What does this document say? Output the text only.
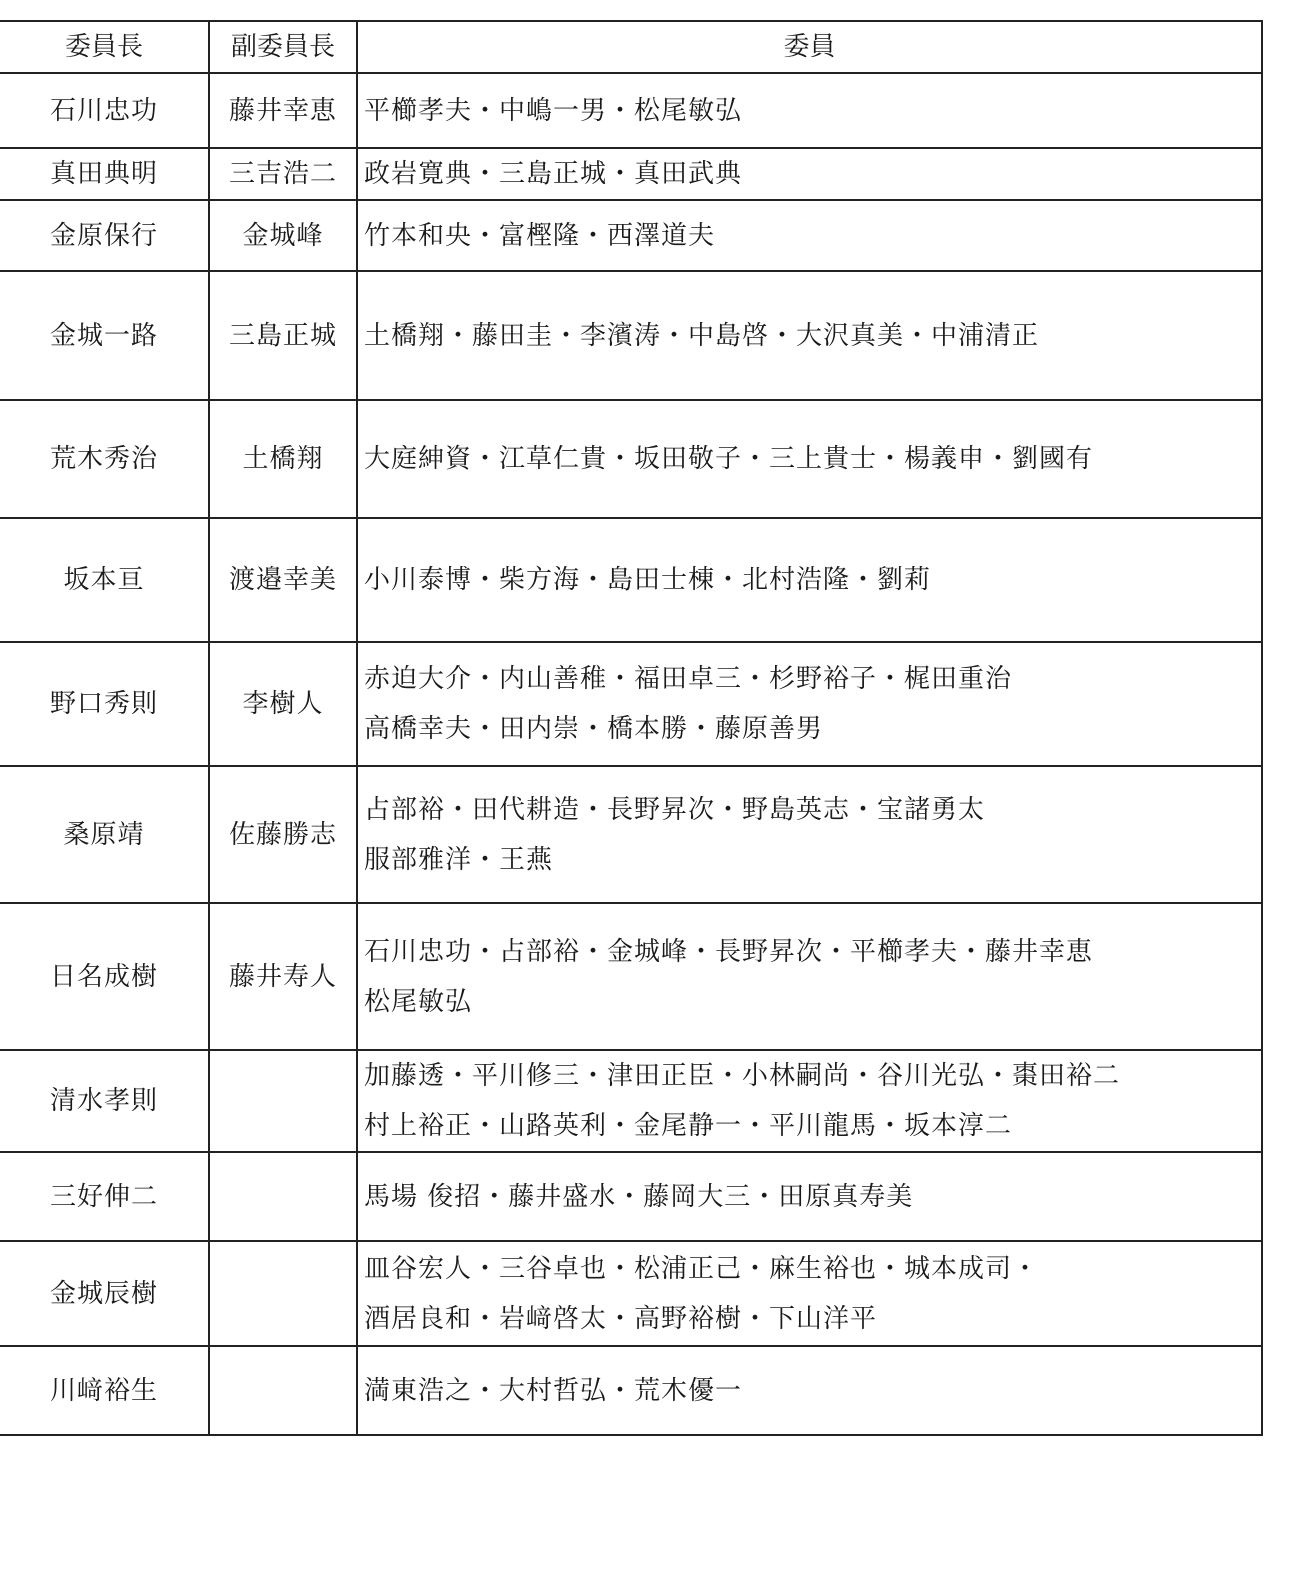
委員長	副委員長	委員
石川忠功	藤井幸恵	平櫛孝夫・中嶋一男・松尾敏弘

真田典明	三吉浩二	政岩寛典・三島正城・真田武典

金原保行	金城峰	竹本和央・富樫隆・西澤道夫

金城一路	三島正城	土橋翔・藤田圭・李濱涛・中島啓・大沢真美・中浦清正

荒木秀治	土橋翔	大庭紳資・江草仁貴・坂田敬子・三上貴士・楊義申・劉國有

坂本亘	渡邉幸美	小川泰博・柴方海・島田士棟・北村浩隆・劉莉

野口秀則	李樹人	赤迫大介・内山善稚・福田卓三・杉野裕子・梶田重治
高橋幸夫・田内崇・橋本勝・藤原善男

桑原靖	佐藤勝志	占部裕・田代耕造・長野昇次・野島英志・宝諸勇太
服部雅洋・王燕

日名成樹	藤井寿人	石川忠功・占部裕・金城峰・長野昇次・平櫛孝夫・藤井幸恵
松尾敏弘

清水孝則		加藤透・平川修三・津田正臣・小林嗣尚・谷川光弘・棗田裕二
村上裕正・山路英利・金尾静一・平川龍馬・坂本淳二

三好伸二		馬場 俊招・藤井盛水・藤岡大三・田原真寿美

金城辰樹		皿谷宏人・三谷卓也・松浦正己・麻生裕也・城本成司・
酒居良和・岩﨑啓太・高野裕樹・下山洋平

川﨑裕生		満東浩之・大村哲弘・荒木優一
